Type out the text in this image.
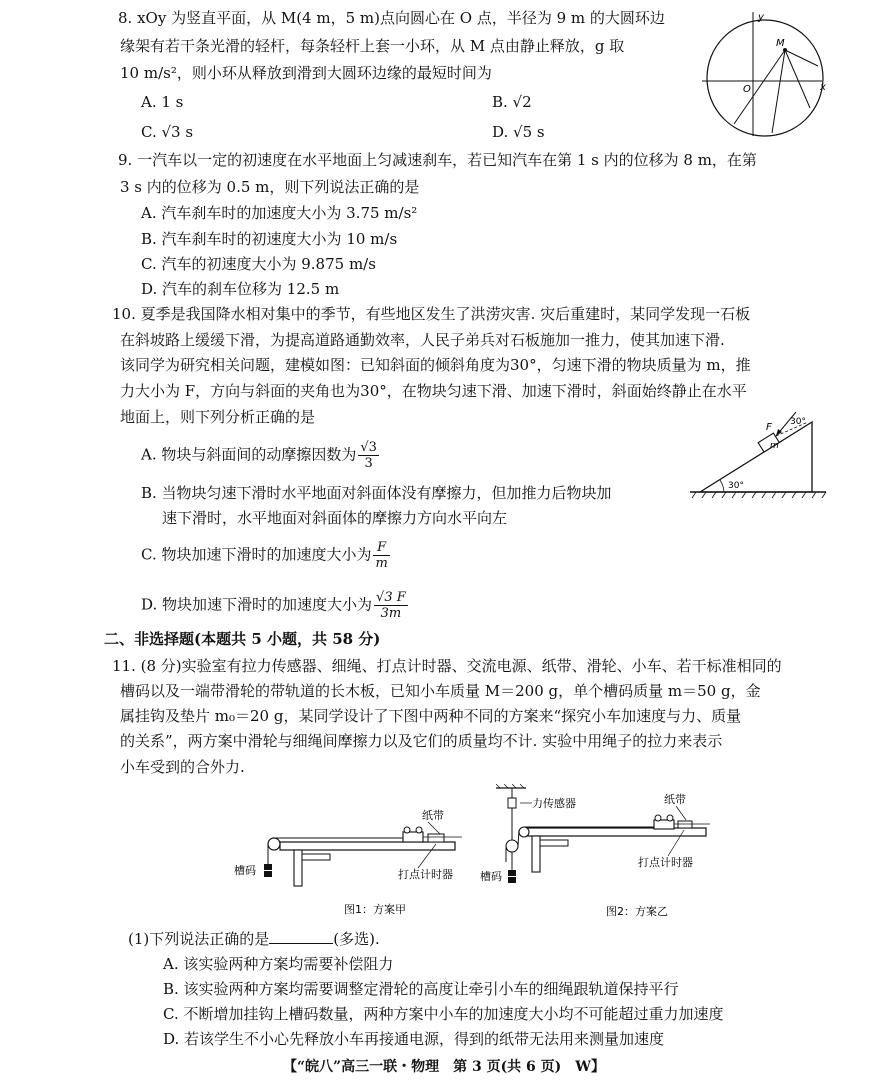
8. xOy 为竖直平面，从 M(4 m，5 m)点向圆心在 O 点，半径为 9 m 的大圆环边
缘架有若干条光滑的轻杆，每条轻杆上套一小环，从 M 点由静止释放，g 取
10 m/s²，则小环从释放到滑到大圆环边缘的最短时间为
A. 1 s	B. √2
C. √3 s	D. √5 s
y
x
M
O
9. 一汽车以一定的初速度在水平地面上匀减速刹车，若已知汽车在第 1 s 内的位移为 8 m，在第
3 s 内的位移为 0.5 m，则下列说法正确的是
A. 汽车刹车时的加速度大小为 3.75 m/s²
B. 汽车刹车时的初速度大小为 10 m/s
C. 汽车的初速度大小为 9.875 m/s
D. 汽车的刹车位移为 12.5 m
10. 夏季是我国降水相对集中的季节，有些地区发生了洪涝灾害. 灾后重建时，某同学发现一石板
在斜坡路上缓缓下滑，为提高道路通勤效率，人民子弟兵对石板施加一推力，使其加速下滑.
该同学为研究相关问题，建模如图：已知斜面的倾斜角度为30°，匀速下滑的物块质量为 m，推
力大小为 F，方向与斜面的夹角也为30°，在物块匀速下滑、加速下滑时，斜面始终静止在水平
地面上，则下列分析正确的是
A. 物块与斜面间的动摩擦因数为 $\frac{√3}{3}$
B. 当物块匀速下滑时水平地面对斜面体没有摩擦力，但加推力后物块加
速下滑时，水平地面对斜面体的摩擦力方向水平向左
C. 物块加速下滑时的加速度大小为 $\frac{F}{m}$
D. 物块加速下滑时的加速度大小为 $\frac{√3 F}{3m}$
30°
m
F 30°
二、非选择题(本题共 5 小题，共 58 分)
11. (8 分)实验室有拉力传感器、细绳、打点计时器、交流电源、纸带、滑轮、小车、若干标准相同的
槽码以及一端带滑轮的带轨道的长木板，已知小车质量 M＝200 g，单个槽码质量 m＝50 g，金
属挂钩及垫片 m₀＝20 g，某同学设计了下图中两种不同的方案来“探究小车加速度与力、质量
的关系”，两方案中滑轮与细绳间摩擦力以及它们的质量均不计. 实验中用绳子的拉力来表示
小车受到的合外力.
纸带
槽码	打点计时器
图1：方案甲
力传感器	纸带
槽码
打点计时器
图2：方案乙
(1)下列说法正确的是	(多选).
A. 该实验两种方案均需要补偿阻力
B. 该实验两种方案均需要调整定滑轮的高度让牵引小车的细绳跟轨道保持平行
C. 不断增加挂钩上槽码数量，两种方案中小车的加速度大小均不可能超过重力加速度
D. 若该学生不小心先释放小车再接通电源，得到的纸带无法用来测量加速度
【“皖八”高三一联・物理　第 3 页(共 6 页)　W】
